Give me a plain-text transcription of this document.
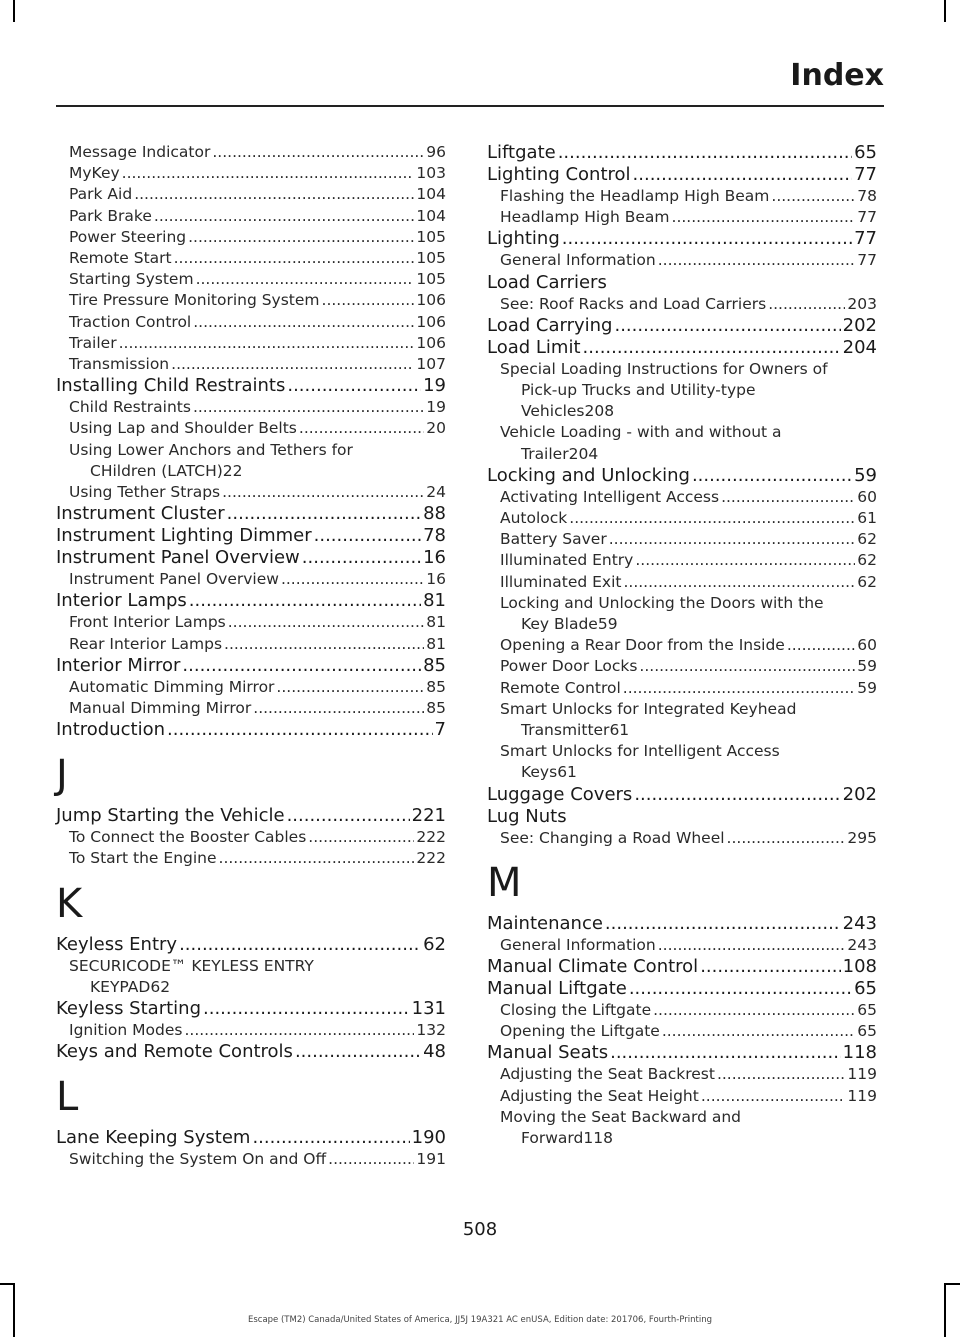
Index
Message Indicator .....	96
MyKey .....	103
Park Aid .....	104
Park Brake .....	104
Power Steering .....	105
Remote Start .....	105
Starting System .....	105
Tire Pressure Monitoring System .....	106
Traction Control .....	106
Trailer .....	106
Transmission .....	107
Installing Child Restraints .....	19
Child Restraints .....	19
Using Lap and Shoulder Belts .....	20
Using Lower Anchors and Tethers for
CHildren (LATCH) 22
Using Tether Straps .....	24
Instrument Cluster .....	88
Instrument Lighting Dimmer .....	78
Instrument Panel Overview .....	16
Instrument Panel Overview .....	16
Interior Lamps .....	81
Front Interior Lamps .....	81
Rear Interior Lamps .....	81
Interior Mirror .....	85
Automatic Dimming Mirror .....	85
Manual Dimming Mirror .....	85
Introduction .....	7
J
Jump Starting the Vehicle .....	221
To Connect the Booster Cables .....	222
To Start the Engine .....	222
K
Keyless Entry .....	62
SECURICODE™ KEYLESS ENTRY
KEYPAD 62
Keyless Starting .....	131
Ignition Modes .....	132
Keys and Remote Controls .....	48
L
Lane Keeping System .....	190
Switching the System On and Off .....	191
Liftgate .....	65
Lighting Control .....	77
Flashing the Headlamp High Beam .....	78
Headlamp High Beam .....	77
Lighting .....	77
General Information .....	77
Load Carriers
See: Roof Racks and Load Carriers .....	203
Load Carrying .....	202
Load Limit .....	204
Special Loading Instructions for Owners of
Pick-up Trucks and Utility-type
Vehicles 208
Vehicle Loading - with and without a
Trailer 204
Locking and Unlocking .....	59
Activating Intelligent Access .....	60
Autolock .....	61
Battery Saver .....	62
Illuminated Entry .....	62
Illuminated Exit .....	62
Locking and Unlocking the Doors with the
Key Blade 59
Opening a Rear Door from the Inside .....	60
Power Door Locks .....	59
Remote Control .....	59
Smart Unlocks for Integrated Keyhead
Transmitter 61
Smart Unlocks for Intelligent Access
Keys 61
Luggage Covers .....	202
Lug Nuts
See: Changing a Road Wheel .....	295
M
Maintenance .....	243
General Information .....	243
Manual Climate Control .....	108
Manual Liftgate .....	65
Closing the Liftgate .....	65
Opening the Liftgate .....	65
Manual Seats .....	118
Adjusting the Seat Backrest .....	119
Adjusting the Seat Height .....	119
Moving the Seat Backward and
Forward 118
508
Escape (TM2) Canada/United States of America, JJ5J 19A321 AC enUSA, Edition date: 201706, Fourth-Printing
